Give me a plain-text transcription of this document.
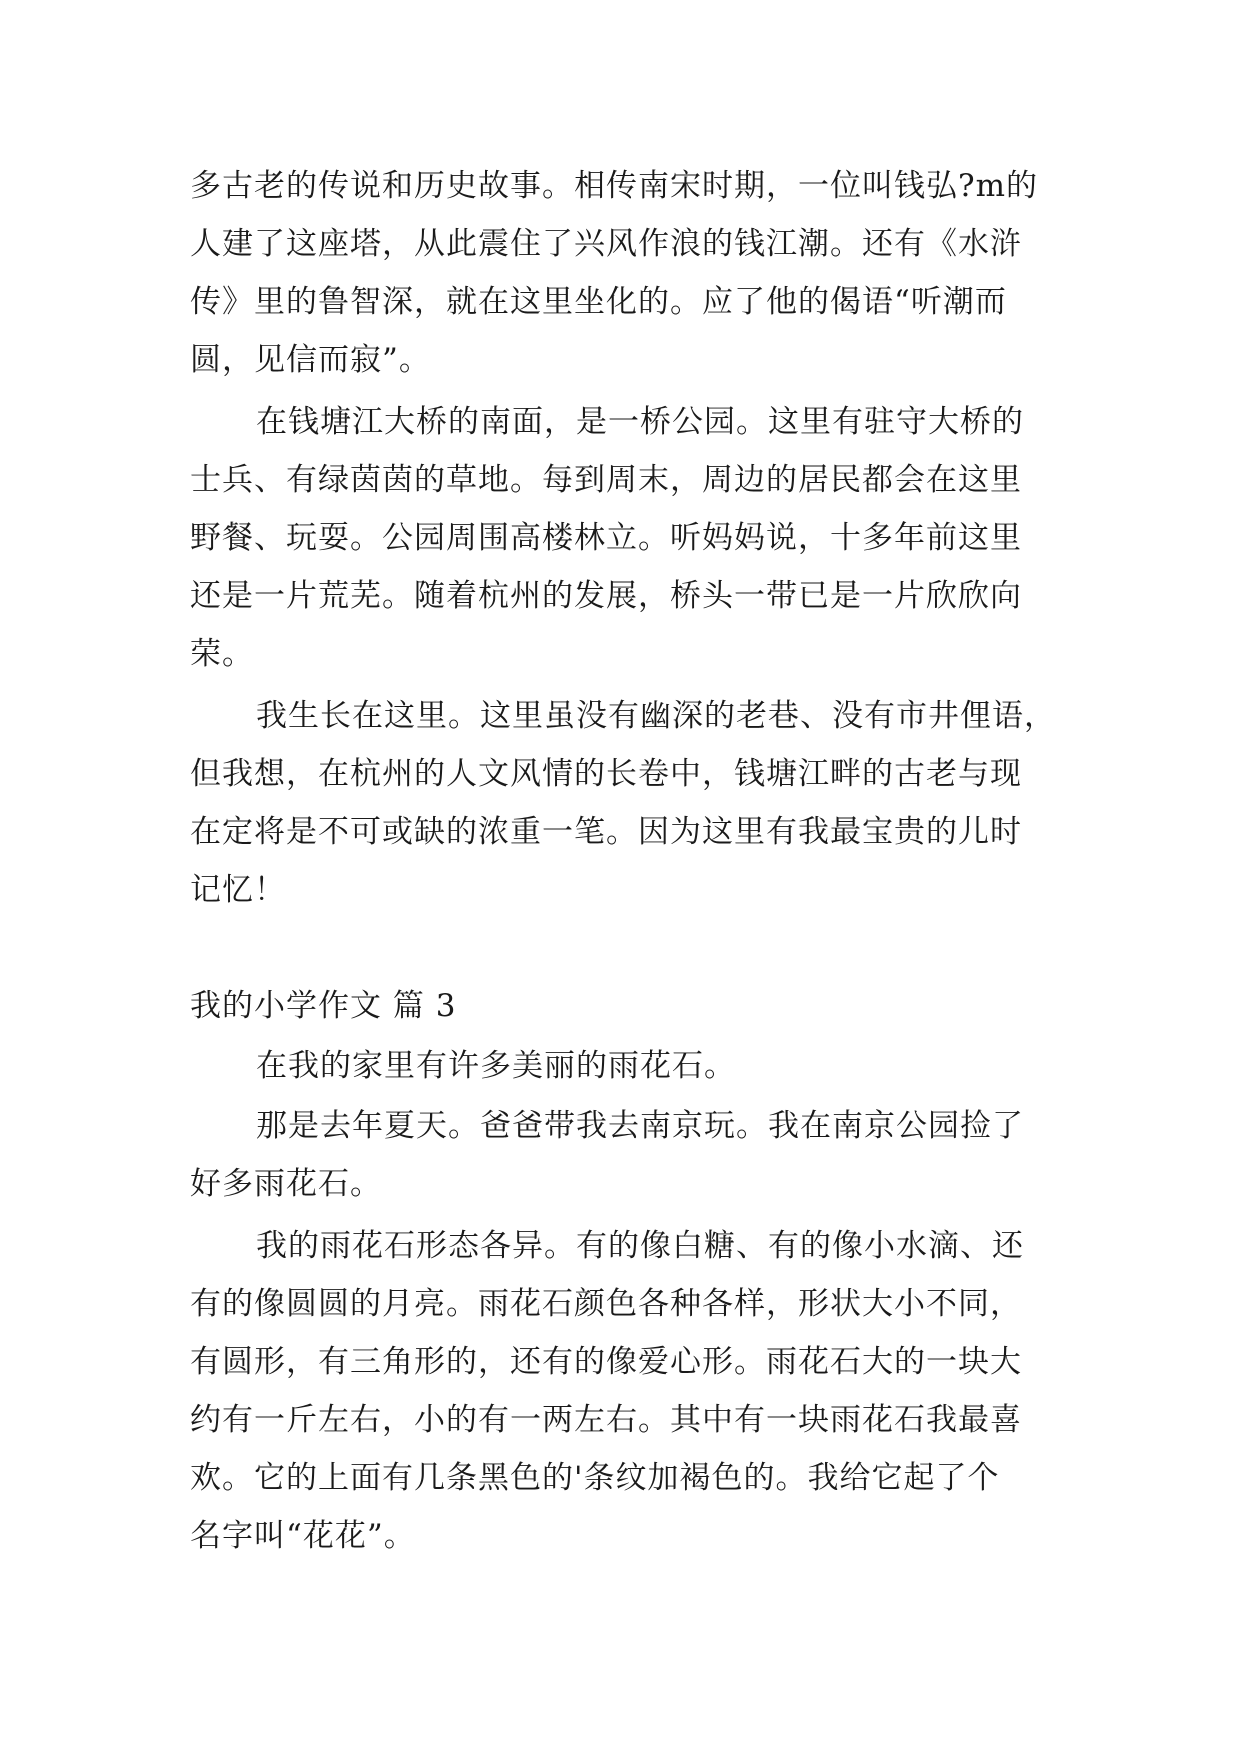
多古老的传说和历史故事。相传南宋时期，一位叫钱弘?m的
人建了这座塔，从此震住了兴风作浪的钱江潮。还有《水浒
传》里的鲁智深，就在这里坐化的。应了他的偈语“听潮而
圆，见信而寂”。
在钱塘江大桥的南面，是一桥公园。这里有驻守大桥的
士兵、有绿茵茵的草地。每到周末，周边的居民都会在这里
野餐、玩耍。公园周围高楼林立。听妈妈说，十多年前这里
还是一片荒芜。随着杭州的发展，桥头一带已是一片欣欣向
荣。
我生长在这里。这里虽没有幽深的老巷、没有市井俚语，
但我想，在杭州的人文风情的长卷中，钱塘江畔的古老与现
在定将是不可或缺的浓重一笔。因为这里有我最宝贵的儿时
记忆！
我的小学作文 篇 3
在我的家里有许多美丽的雨花石。
那是去年夏天。爸爸带我去南京玩。我在南京公园捡了
好多雨花石。
我的雨花石形态各异。有的像白糖、有的像小水滴、还
有的像圆圆的月亮。雨花石颜色各种各样，形状大小不同，
有圆形，有三角形的，还有的像爱心形。雨花石大的一块大
约有一斤左右，小的有一两左右。其中有一块雨花石我最喜
欢。它的上面有几条黑色的'条纹加褐色的。我给它起了个
名字叫“花花”。
